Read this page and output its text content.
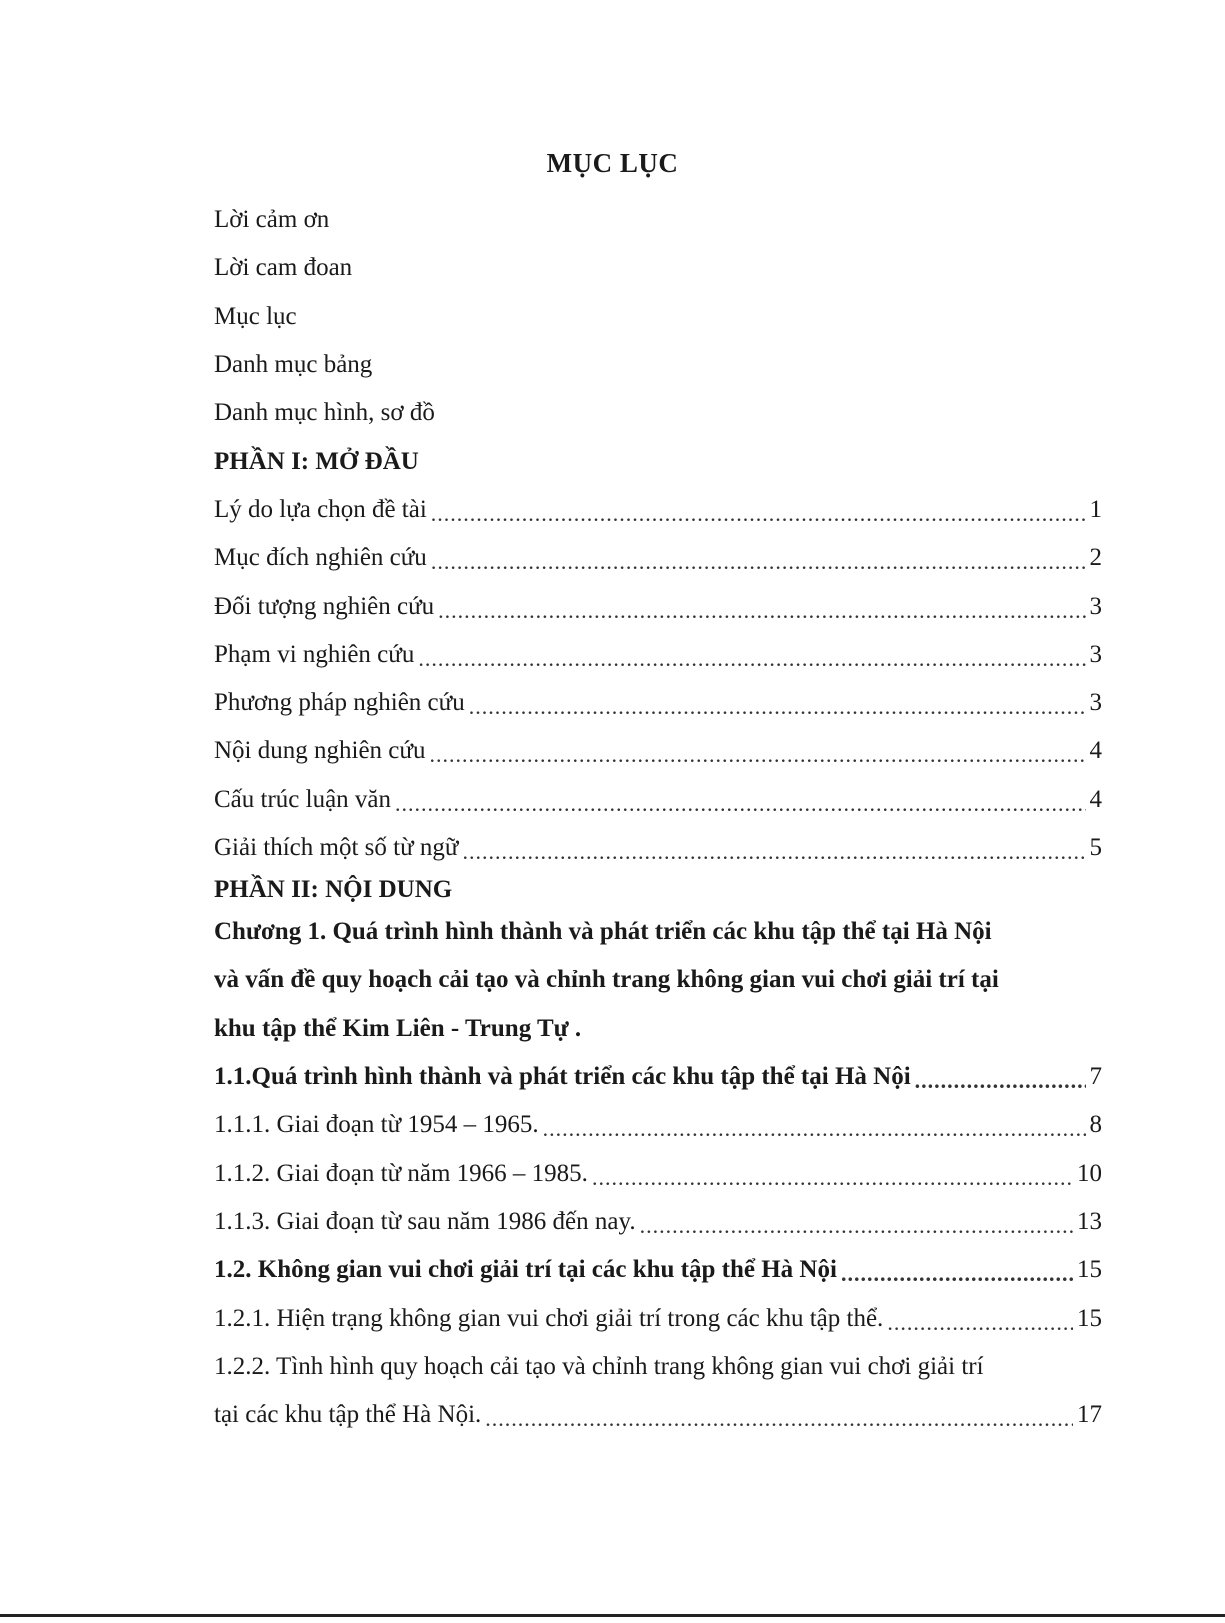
MỤC LỤC
Lời cảm ơn
Lời cam đoan
Mục lục
Danh mục bảng
Danh mục hình, sơ đồ
PHẦN I: MỞ ĐẦU
Lý do lựa chọn đề tài .....	1
Mục đích nghiên cứu .....	2
Đối tượng nghiên cứu .....	3
Phạm vi nghiên cứu .....	3
Phương pháp nghiên cứu .....	3
Nội dung nghiên cứu .....	4
Cấu trúc luận văn .....	4
Giải thích một số từ ngữ .....	5
PHẦN II: NỘI DUNG
Chương 1. Quá trình hình thành và phát triển các khu tập thể tại Hà Nội
và vấn đề quy hoạch cải tạo và chỉnh trang không gian vui chơi giải trí tại
khu tập thể Kim Liên - Trung Tự .
1.1.Quá trình hình thành và phát triển các khu tập thể tại Hà Nội .....	7
1.1.1. Giai đoạn từ 1954 – 1965. .....	8
1.1.2. Giai đoạn từ năm 1966 – 1985. .....	10
1.1.3. Giai đoạn từ sau năm 1986 đến nay. .....	13
1.2. Không gian vui chơi giải trí tại các khu tập thể Hà Nội .....	15
1.2.1. Hiện trạng không gian vui chơi giải trí trong các khu tập thể. .....	15
1.2.2. Tình hình quy hoạch cải tạo và chỉnh trang không gian vui chơi giải trí
tại các khu tập thể Hà Nội. .....	17
